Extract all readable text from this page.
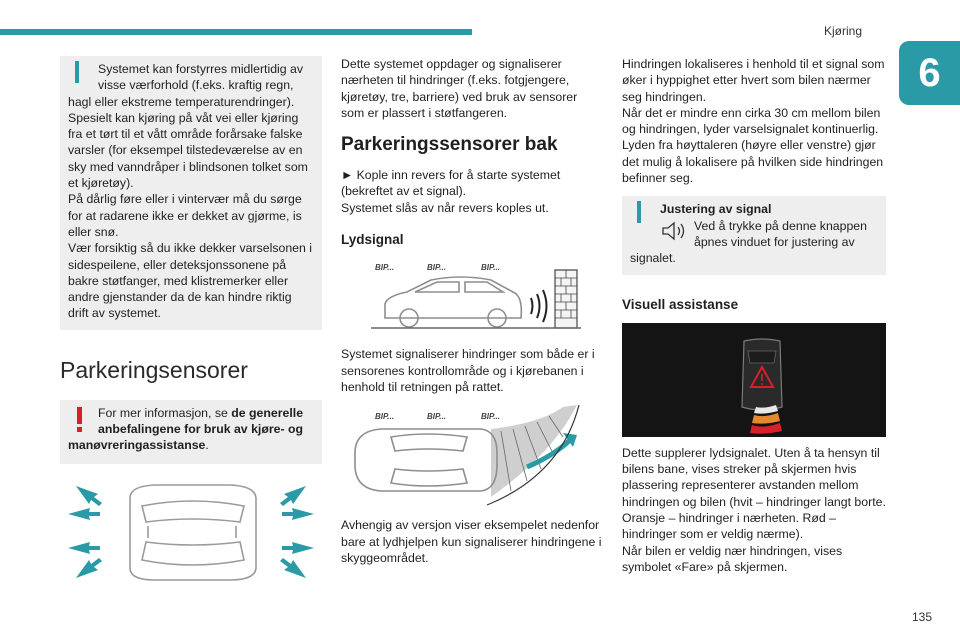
Kjøring
6

Systemet kan forstyrres midlertidig av visse værforhold (f.eks. kraftig regn, hagl eller ekstreme temperaturendringer).
Spesielt kan kjøring på våt vei eller kjøring fra et tørt til et vått område forårsake falske varsler (for eksempel tilstedeværelse av en sky med vanndråper i blindsonen tolket som et kjøretøy).
På dårlig føre eller i vintervær må du sørge for at radarene ikke er dekket av gjørme, is eller snø.
Vær forsiktig så du ikke dekker varselsonen i sidespeilene, eller deteksjonssonene på bakre støtfanger, med klistremerker eller andre gjenstander da de kan hindre riktig drift av systemet.

Parkeringsensorer

For mer informasjon, se de generelle anbefalingene for bruk av kjøre- og manøvreringassistanse.

Dette systemet oppdager og signaliserer nærheten til hindringer (f.eks. fotgjengere, kjøretøy, tre, barriere) ved bruk av sensorer som er plassert i støtfangeren.

Parkeringssensorer bak

► Kople inn revers for å starte systemet (bekreftet av et signal).

Systemet slås av når revers koples ut.

Lydsignal
BIP...	BIP...	BIP...

Systemet signaliserer hindringer som både er i sensorenes kontrollområde og i kjørebanen i henhold til retningen på rattet.

BIP...	BIP...	BIP...

Avhengig av versjon viser eksempelet nedenfor bare at lydhjelpen kun signaliserer hindringene i skyggeområdet.

Hindringen lokaliseres i henhold til et signal som øker i hyppighet etter hvert som bilen nærmer seg hindringen.

Når det er mindre enn cirka 30 cm mellom bilen og hindringen, lyder varselsignalet kontinuerlig.

Lyden fra høyttaleren (høyre eller venstre) gjør det mulig å lokalisere på hvilken side hindringen befinner seg.

Justering av signal
Ved å trykke på denne knappen åpnes vinduet for justering av
signalet.
Visuell assistanse

Dette supplerer lydsignalet. Uten å ta hensyn til bilens bane, vises streker på skjermen hvis plassering representerer avstanden mellom hindringen og bilen (hvit – hindringer langt borte. Oransje – hindringer i nærheten. Rød – hindringer som er veldig nærme).

Når bilen er veldig nær hindringen, vises symbolet «Fare» på skjermen.

135
